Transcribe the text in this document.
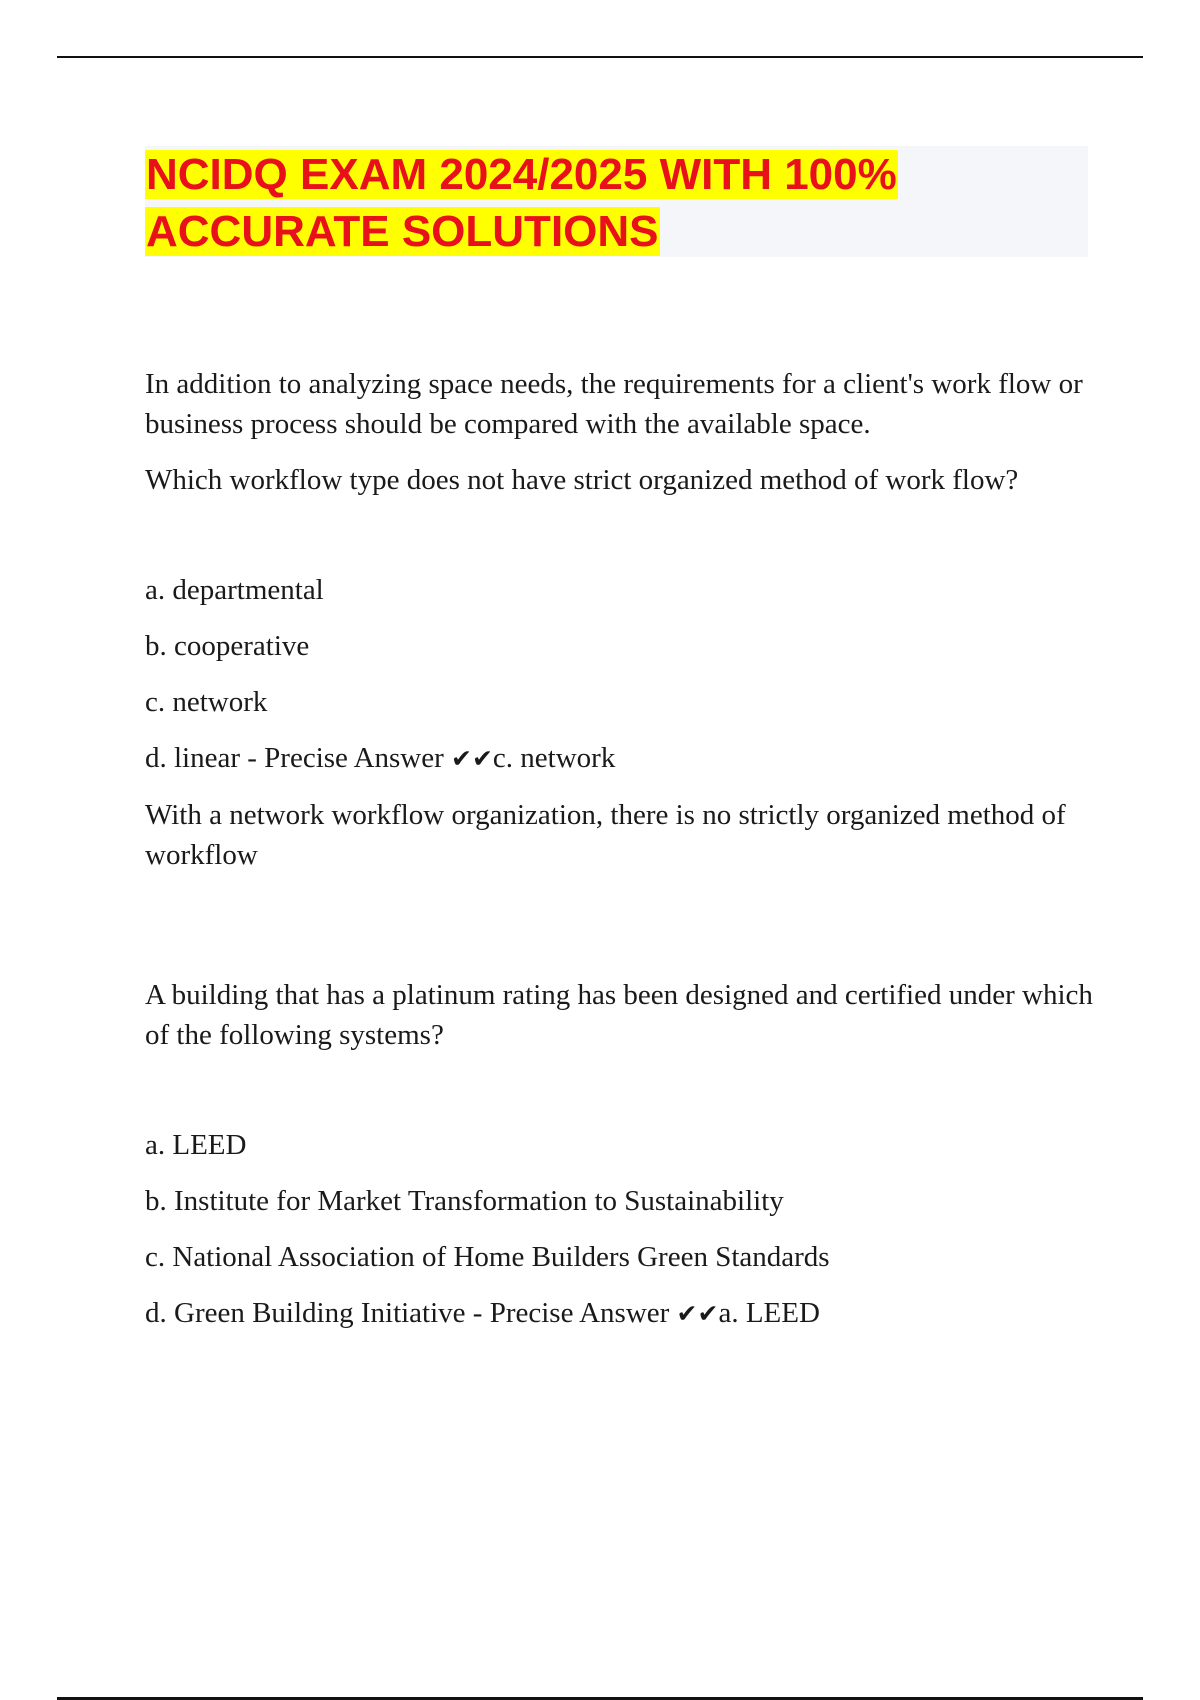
NCIDQ EXAM 2024/2025 WITH 100%
ACCURATE SOLUTIONS

In addition to analyzing space needs, the requirements for a client's work flow or business process should be compared with the available space.

Which workflow type does not have strict organized method of work flow?

a. departmental

b. cooperative

c. network

d. linear - Precise Answer ✔✔c. network

With a network workflow organization, there is no strictly organized method of workflow

A building that has a platinum rating has been designed and certified under which of the following systems?

a. LEED

b. Institute for Market Transformation to Sustainability

c. National Association of Home Builders Green Standards

d. Green Building Initiative - Precise Answer ✔✔a. LEED
